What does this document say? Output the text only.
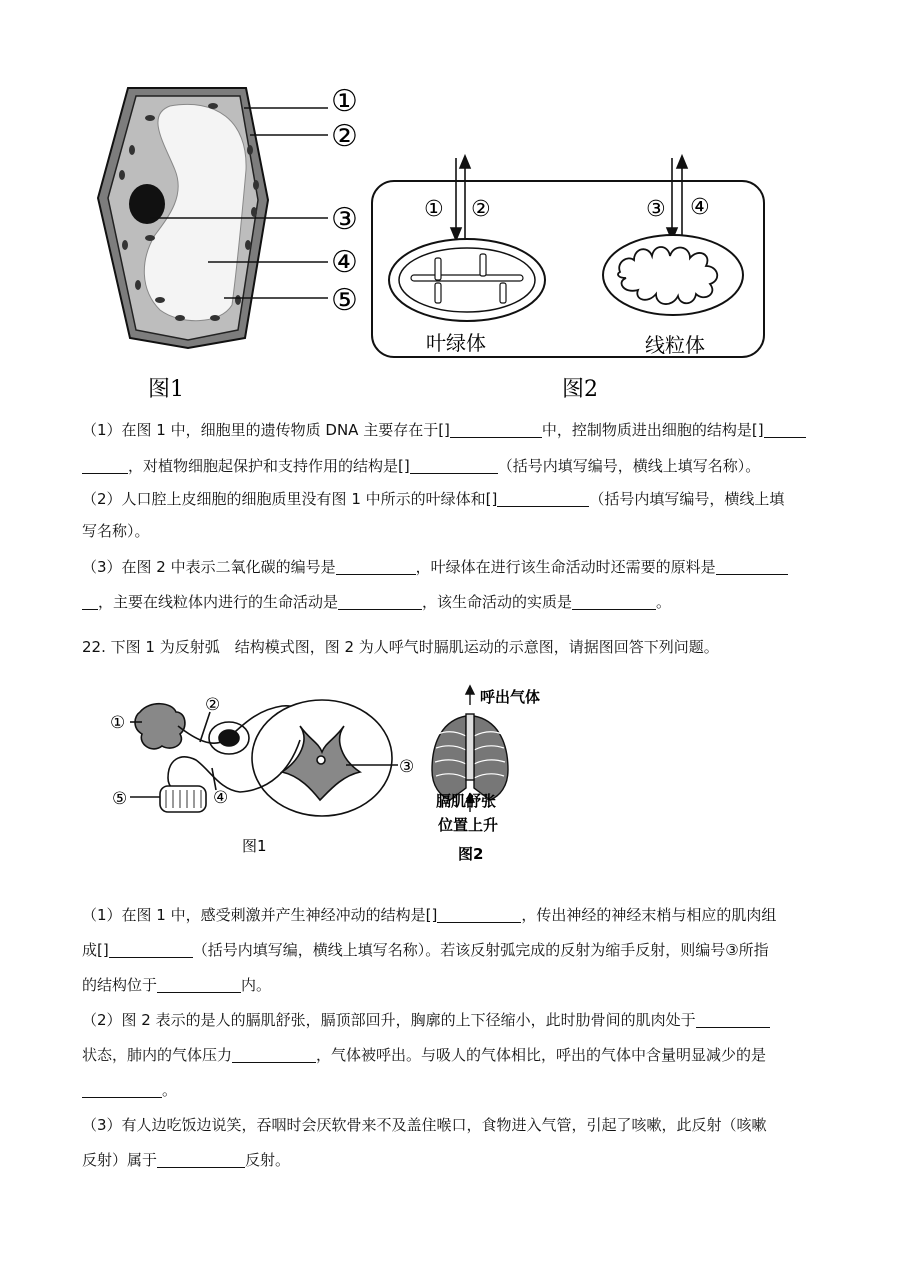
①
②
③
④
⑤
图1
① ②	③ ④
叶绿体	线粒体
图2
（1）在图 1 中，细胞里的遗传物质 DNA 主要存在于[]	中，控制物质进出细胞的结构是[]
，对植物细胞起保护和支持作用的结构是[]	（括号内填写编号，横线上填写名称）。
（2）人口腔上皮细胞的细胞质里没有图 1 中所示的叶绿体和[]	（括号内填写编号，横线上填
写名称）。
（3）在图 2 中表示二氧化碳的编号是	，叶绿体在进行该生命活动时还需要的原料是
，主要在线粒体内进行的生命活动是	，该生命活动的实质是	。
22. 下图 1 为反射弧　结构模式图，图 2 为人呼气时膈肌运动的示意图，请据图回答下列问题。
①
②
③
④
⑤
图1
呼出气体
膈肌舒张
位置上升
图2
（1）在图 1 中，感受刺激并产生神经冲动的结构是[]	，传出神经的神经末梢与相应的肌肉组
成[]	（括号内填写编，横线上填写名称）。若该反射弧完成的反射为缩手反射，则编号③所指
的结构位于	内。
（2）图 2 表示的是人的膈肌舒张，膈顶部回升，胸廓的上下径缩小，此时肋骨间的肌肉处于
状态，肺内的气体压力	，气体被呼出。与吸人的气体相比，呼出的气体中含量明显减少的是
。
（3）有人边吃饭边说笑，吞咽时会厌软骨来不及盖住喉口，食物进入气管，引起了咳嗽，此反射（咳嗽
反射）属于	反射。
